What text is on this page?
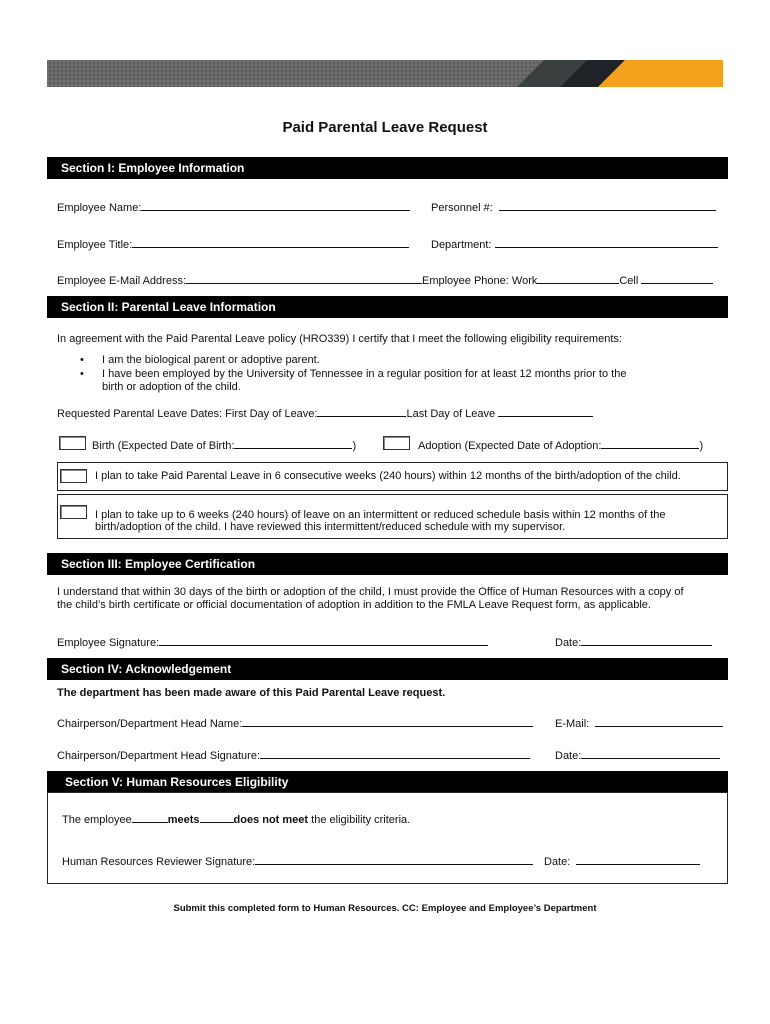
Paid Parental Leave Request
Section I: Employee Information
Employee Name:	Personnel #:
Employee Title:	Department:
Employee E-Mail Address:	Employee Phone: Work	Cell
Section II: Parental Leave Information
In agreement with the Paid Parental Leave policy (HRO339) I certify that I meet the following eligibility requirements:
• I am the biological parent or adoptive parent.
• I have been employed by the University of Tennessee in a regular position for at least 12 months prior to the
birth or adoption of the child.
Requested Parental Leave Dates: First Day of Leave:	Last Day of Leave
Birth (Expected Date of Birth:	)	Adoption (Expected Date of Adoption:	)
I plan to take Paid Parental Leave in 6 consecutive weeks (240 hours) within 12 months of the birth/adoption of the child.
I plan to take up to 6 weeks (240 hours) of leave on an intermittent or reduced schedule basis within 12 months of the
birth/adoption of the child. I have reviewed this intermittent/reduced schedule with my supervisor.
Section III: Employee Certification
I understand that within 30 days of the birth or adoption of the child, I must provide the Office of Human Resources with a copy of
the child’s birth certificate or official documentation of adoption in addition to the FMLA Leave Request form, as applicable.
Employee Signature:	Date:
Section IV: Acknowledgement
The department has been made aware of this Paid Parental Leave request.
Chairperson/Department Head Name:	E-Mail:
Chairperson/Department Head Signature:	Date:
Section V: Human Resources Eligibility
The employee	meets	does not meet the eligibility criteria.
Human Resources Reviewer Signature:	Date:
Submit this completed form to Human Resources. CC: Employee and Employee’s Department
